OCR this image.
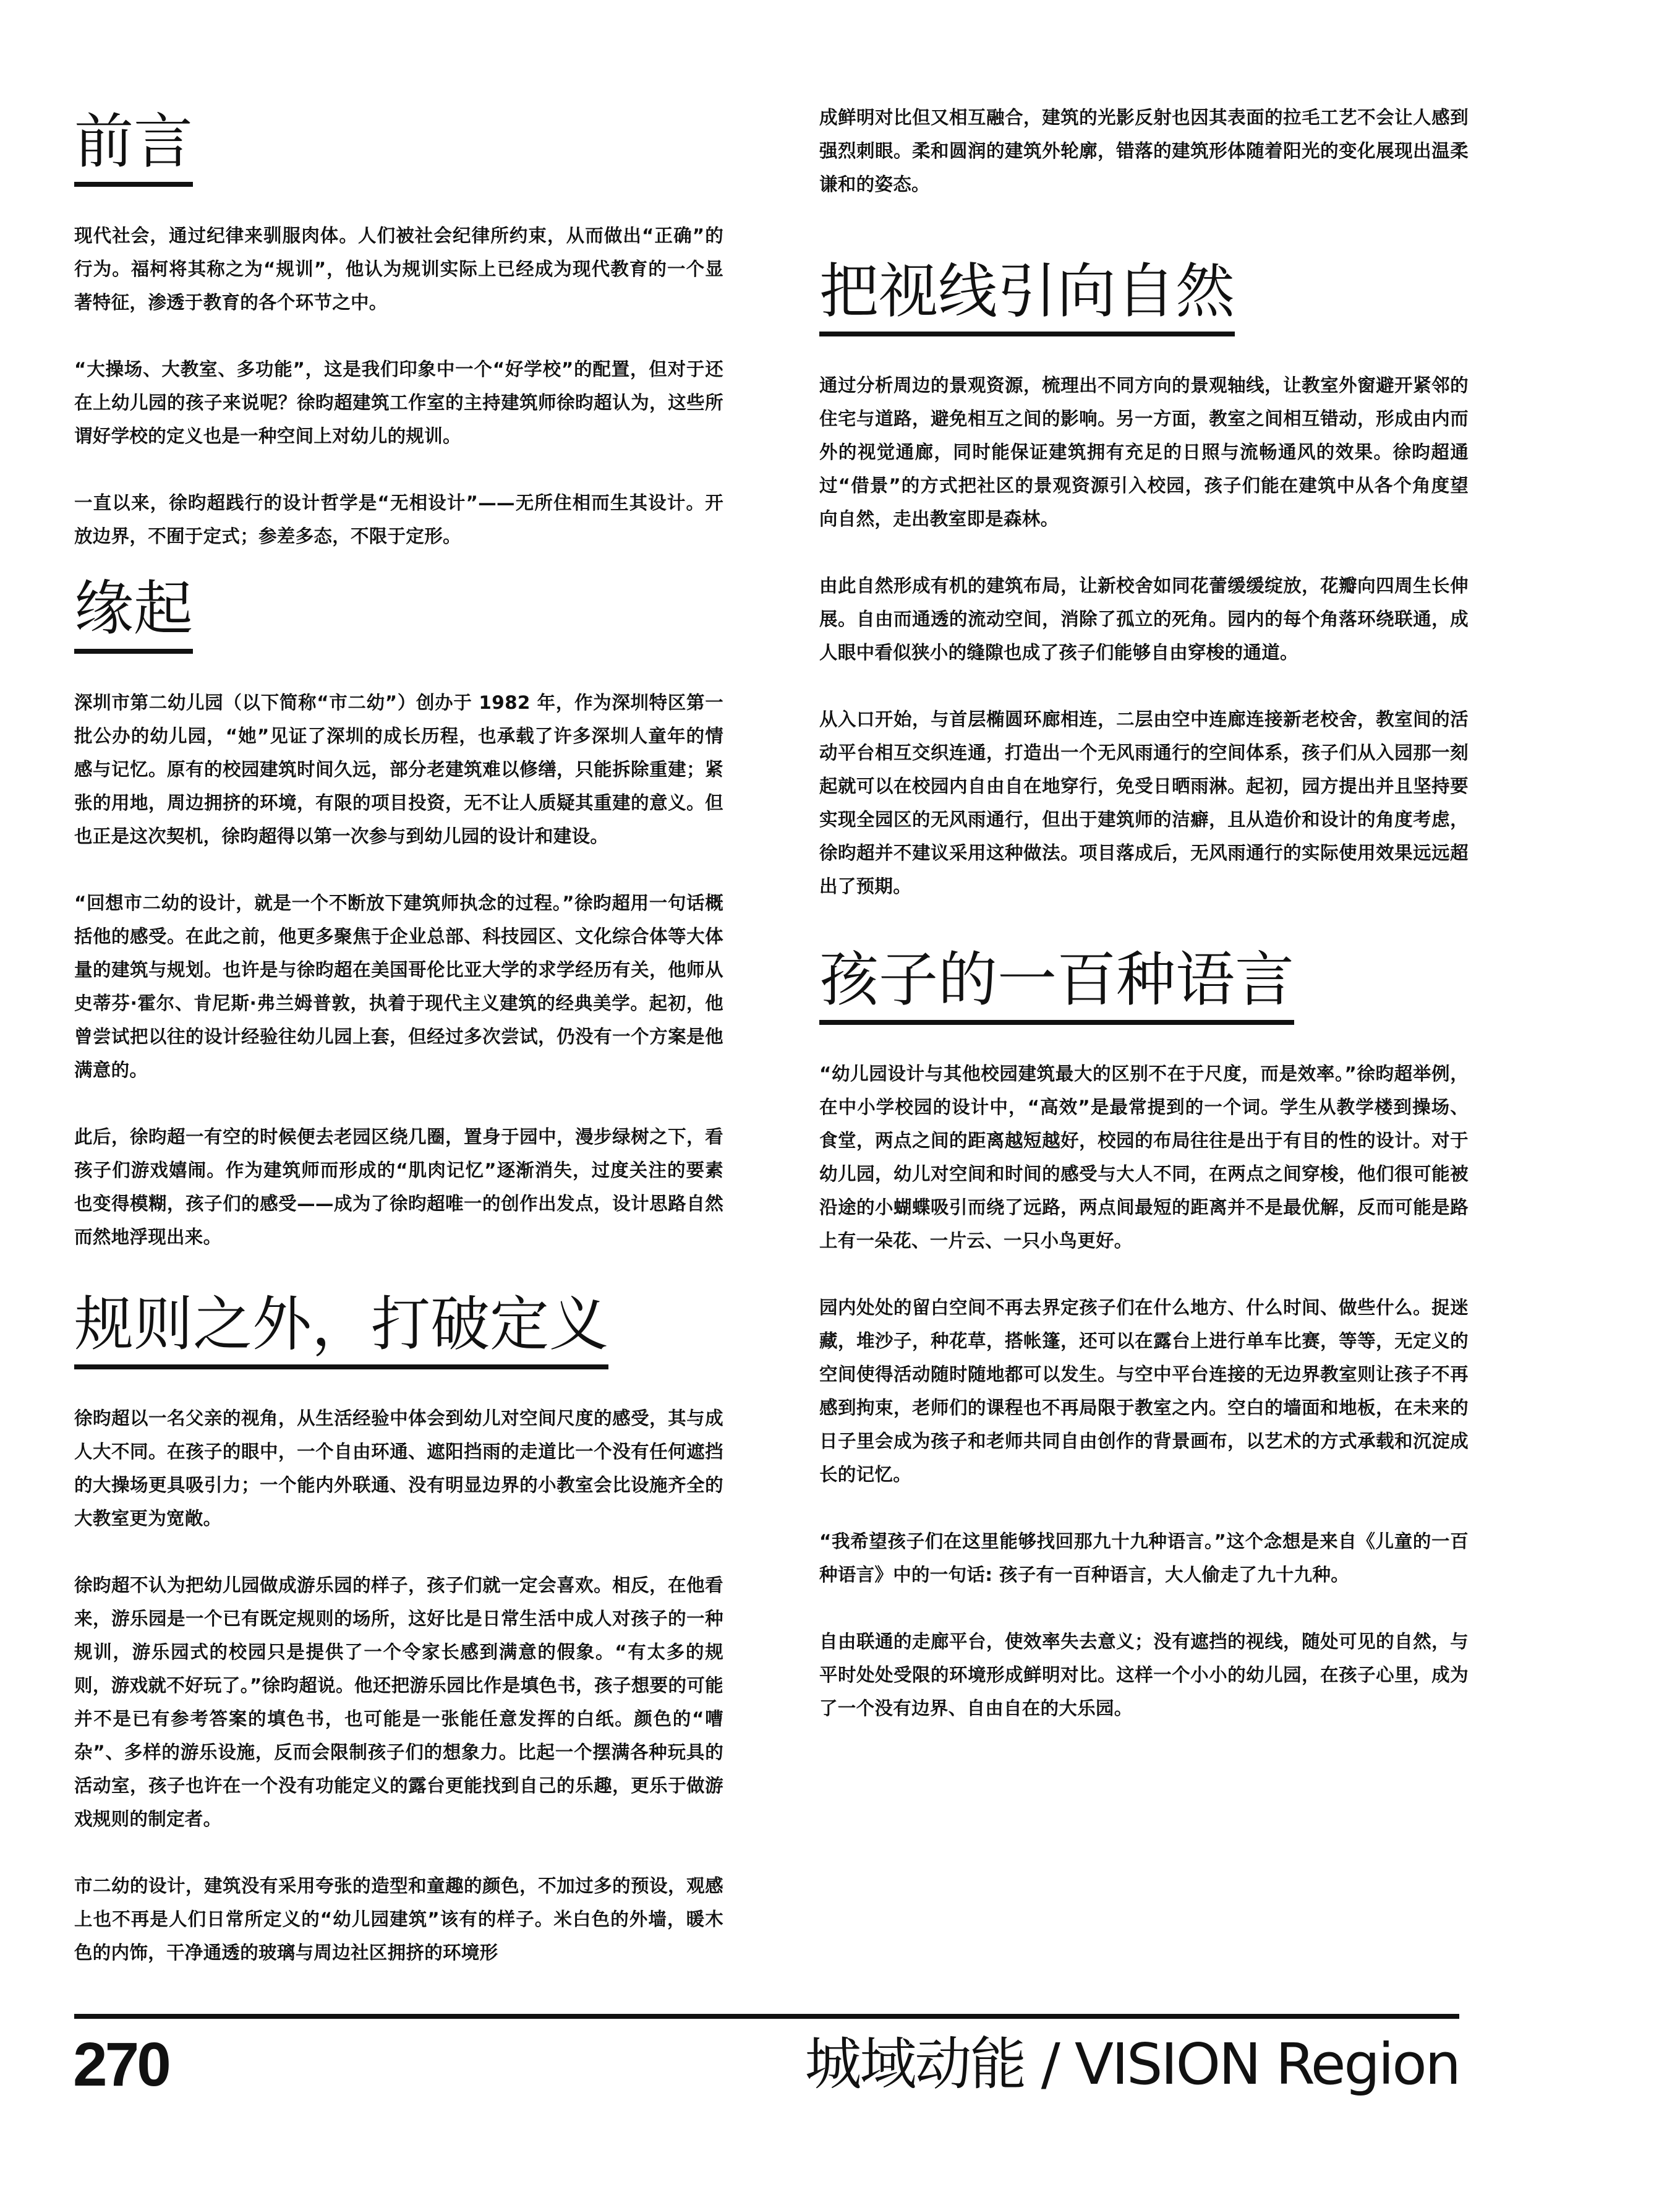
前言

现代社会，通过纪律来驯服肉体。人们被社会纪律所约束，从而做出“正确”的行为。福柯将其称之为“规训”，他认为规训实际上已经成为现代教育的一个显著特征，渗透于教育的各个环节之中。

“大操场、大教室、多功能”，这是我们印象中一个“好学校”的配置，但对于还在上幼儿园的孩子来说呢？徐昀超建筑工作室的主持建筑师徐昀超认为，这些所谓好学校的定义也是一种空间上对幼儿的规训。

一直以来，徐昀超践行的设计哲学是“无相设计”——无所住相而生其设计。开放边界，不囿于定式；参差多态，不限于定形。

缘起

深圳市第二幼儿园（以下简称“市二幼”）创办于 1982 年，作为深圳特区第一批公办的幼儿园，“她”见证了深圳的成长历程，也承载了许多深圳人童年的情感与记忆。原有的校园建筑时间久远，部分老建筑难以修缮，只能拆除重建；紧张的用地，周边拥挤的环境，有限的项目投资，无不让人质疑其重建的意义。但也正是这次契机，徐昀超得以第一次参与到幼儿园的设计和建设。

“回想市二幼的设计，就是一个不断放下建筑师执念的过程。”徐昀超用一句话概括他的感受。在此之前，他更多聚焦于企业总部、科技园区、文化综合体等大体量的建筑与规划。也许是与徐昀超在美国哥伦比亚大学的求学经历有关，他师从史蒂芬·霍尔、肯尼斯·弗兰姆普敦，执着于现代主义建筑的经典美学。起初，他曾尝试把以往的设计经验往幼儿园上套，但经过多次尝试，仍没有一个方案是他满意的。

此后，徐昀超一有空的时候便去老园区绕几圈，置身于园中，漫步绿树之下，看孩子们游戏嬉闹。作为建筑师而形成的“肌肉记忆”逐渐消失，过度关注的要素也变得模糊，孩子们的感受——成为了徐昀超唯一的创作出发点，设计思路自然而然地浮现出来。

规则之外，打破定义

徐昀超以一名父亲的视角，从生活经验中体会到幼儿对空间尺度的感受，其与成人大不同。在孩子的眼中，一个自由环通、遮阳挡雨的走道比一个没有任何遮挡的大操场更具吸引力；一个能内外联通、没有明显边界的小教室会比设施齐全的大教室更为宽敞。

徐昀超不认为把幼儿园做成游乐园的样子，孩子们就一定会喜欢。相反，在他看来，游乐园是一个已有既定规则的场所，这好比是日常生活中成人对孩子的一种规训，游乐园式的校园只是提供了一个令家长感到满意的假象。“有太多的规则，游戏就不好玩了。”徐昀超说。他还把游乐园比作是填色书，孩子想要的可能并不是已有参考答案的填色书，也可能是一张能任意发挥的白纸。颜色的“嘈杂”、多样的游乐设施，反而会限制孩子们的想象力。比起一个摆满各种玩具的活动室，孩子也许在一个没有功能定义的露台更能找到自己的乐趣，更乐于做游戏规则的制定者。

市二幼的设计，建筑没有采用夸张的造型和童趣的颜色，不加过多的预设，观感上也不再是人们日常所定义的“幼儿园建筑”该有的样子。米白色的外墙，暖木色的内饰，干净通透的玻璃与周边社区拥挤的环境形

成鲜明对比但又相互融合，建筑的光影反射也因其表面的拉毛工艺不会让人感到强烈刺眼。柔和圆润的建筑外轮廓，错落的建筑形体随着阳光的变化展现出温柔谦和的姿态。

把视线引向自然

通过分析周边的景观资源，梳理出不同方向的景观轴线，让教室外窗避开紧邻的住宅与道路，避免相互之间的影响。另一方面，教室之间相互错动，形成由内而外的视觉通廊，同时能保证建筑拥有充足的日照与流畅通风的效果。徐昀超通过“借景”的方式把社区的景观资源引入校园，孩子们能在建筑中从各个角度望向自然，走出教室即是森林。

由此自然形成有机的建筑布局，让新校舍如同花蕾缓缓绽放，花瓣向四周生长伸展。自由而通透的流动空间，消除了孤立的死角。园内的每个角落环绕联通，成人眼中看似狭小的缝隙也成了孩子们能够自由穿梭的通道。

从入口开始，与首层椭圆环廊相连，二层由空中连廊连接新老校舍，教室间的活动平台相互交织连通，打造出一个无风雨通行的空间体系，孩子们从入园那一刻起就可以在校园内自由自在地穿行，免受日晒雨淋。起初，园方提出并且坚持要实现全园区的无风雨通行，但出于建筑师的洁癖，且从造价和设计的角度考虑，徐昀超并不建议采用这种做法。项目落成后，无风雨通行的实际使用效果远远超出了预期。

孩子的一百种语言

“幼儿园设计与其他校园建筑最大的区别不在于尺度，而是效率。”徐昀超举例，在中小学校园的设计中，“高效”是最常提到的一个词。学生从教学楼到操场、食堂，两点之间的距离越短越好，校园的布局往往是出于有目的性的设计。对于幼儿园，幼儿对空间和时间的感受与大人不同，在两点之间穿梭，他们很可能被沿途的小蝴蝶吸引而绕了远路，两点间最短的距离并不是最优解，反而可能是路上有一朵花、一片云、一只小鸟更好。

园内处处的留白空间不再去界定孩子们在什么地方、什么时间、做些什么。捉迷藏，堆沙子，种花草，搭帐篷，还可以在露台上进行单车比赛，等等，无定义的空间使得活动随时随地都可以发生。与空中平台连接的无边界教室则让孩子不再感到拘束，老师们的课程也不再局限于教室之内。空白的墙面和地板，在未来的日子里会成为孩子和老师共同自由创作的背景画布，以艺术的方式承载和沉淀成长的记忆。

“我希望孩子们在这里能够找回那九十九种语言。”这个念想是来自《儿童的一百种语言》中的一句话: 孩子有一百种语言，大人偷走了九十九种。

自由联通的走廊平台，使效率失去意义；没有遮挡的视线，随处可见的自然，与平时处处受限的环境形成鲜明对比。这样一个小小的幼儿园，在孩子心里，成为了一个没有边界、自由自在的大乐园。

270	城域动能 / VISION Region
